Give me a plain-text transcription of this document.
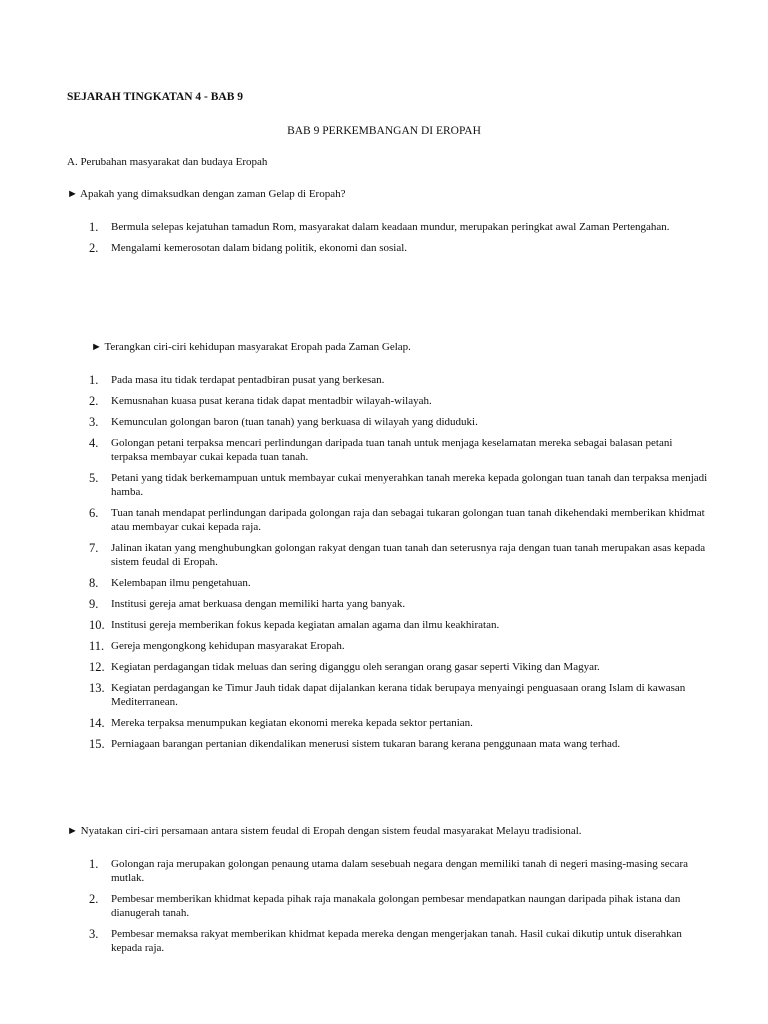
SEJARAH TINGKATAN 4 - BAB 9
BAB 9 PERKEMBANGAN DI EROPAH
A. Perubahan masyarakat dan budaya Eropah
► Apakah yang dimaksudkan dengan zaman Gelap di Eropah?
1. Bermula selepas kejatuhan tamadun Rom, masyarakat dalam keadaan mundur, merupakan peringkat awal Zaman Pertengahan.
2. Mengalami kemerosotan dalam bidang politik, ekonomi dan sosial.
► Terangkan ciri-ciri kehidupan masyarakat Eropah pada Zaman Gelap.
1. Pada masa itu tidak terdapat pentadbiran pusat yang berkesan.
2. Kemusnahan kuasa pusat kerana tidak dapat mentadbir wilayah-wilayah.
3. Kemunculan golongan baron (tuan tanah) yang berkuasa di wilayah yang diduduki.
4. Golongan petani terpaksa mencari perlindungan daripada tuan tanah untuk menjaga keselamatan mereka sebagai balasan petani terpaksa membayar cukai kepada tuan tanah.
5. Petani yang tidak berkemampuan untuk membayar cukai menyerahkan tanah mereka kepada golongan tuan tanah dan terpaksa menjadi hamba.
6. Tuan tanah mendapat perlindungan daripada golongan raja dan sebagai tukaran golongan tuan tanah dikehendaki memberikan khidmat atau membayar cukai kepada raja.
7. Jalinan ikatan yang menghubungkan golongan rakyat dengan tuan tanah dan seterusnya raja dengan tuan tanah merupakan asas kepada sistem feudal di Eropah.
8. Kelembapan ilmu pengetahuan.
9. Institusi gereja amat berkuasa dengan memiliki harta yang banyak.
10. Institusi gereja memberikan fokus kepada kegiatan amalan agama dan ilmu keakhiratan.
11. Gereja mengongkong kehidupan masyarakat Eropah.
12. Kegiatan perdagangan tidak meluas dan sering diganggu oleh serangan orang gasar seperti Viking dan Magyar.
13. Kegiatan perdagangan ke Timur Jauh tidak dapat dijalankan kerana tidak berupaya menyaingi penguasaan orang Islam di kawasan Mediterranean.
14. Mereka terpaksa menumpukan kegiatan ekonomi mereka kepada sektor pertanian.
15. Perniagaan barangan pertanian dikendalikan menerusi sistem tukaran barang kerana penggunaan mata wang terhad.
► Nyatakan ciri-ciri persamaan antara sistem feudal di Eropah dengan sistem feudal masyarakat Melayu tradisional.
1. Golongan raja merupakan golongan penaung utama dalam sesebuah negara dengan memiliki tanah di negeri masing-masing secara mutlak.
2. Pembesar memberikan khidmat kepada pihak raja manakala golongan pembesar mendapatkan naungan daripada pihak istana dan dianugerah tanah.
3. Pembesar memaksa rakyat memberikan khidmat kepada mereka dengan mengerjakan tanah. Hasil cukai dikutip untuk diserahkan kepada raja.
